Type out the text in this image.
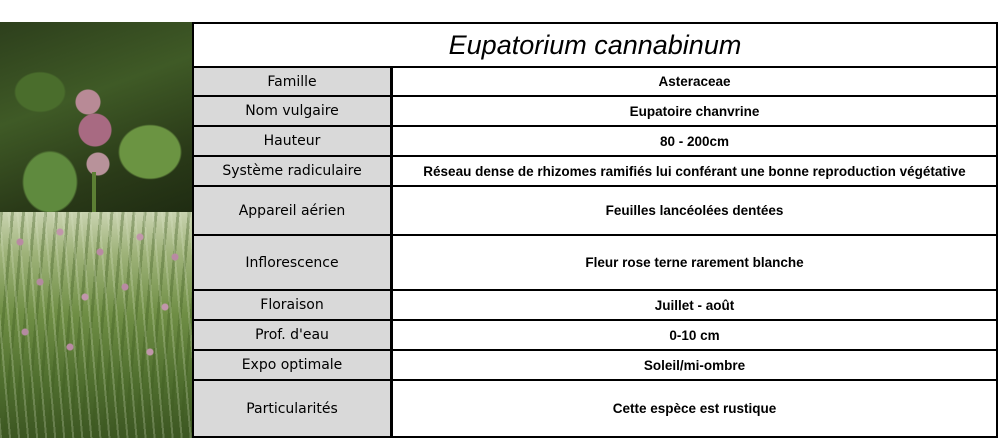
Eupatorium cannabinum
Famille	Asteraceae
Nom vulgaire	Eupatoire chanvrine
Hauteur	80 - 200cm
Système radiculaire	Réseau dense de rhizomes ramifiés lui conférant une bonne reproduction végétative
Appareil aérien	Feuilles lancéolées dentées
Inflorescence	Fleur rose terne rarement blanche
Floraison	Juillet - août
Prof. d'eau	0-10 cm
Expo optimale	Soleil/mi-ombre
Particularités	Cette espèce est rustique
